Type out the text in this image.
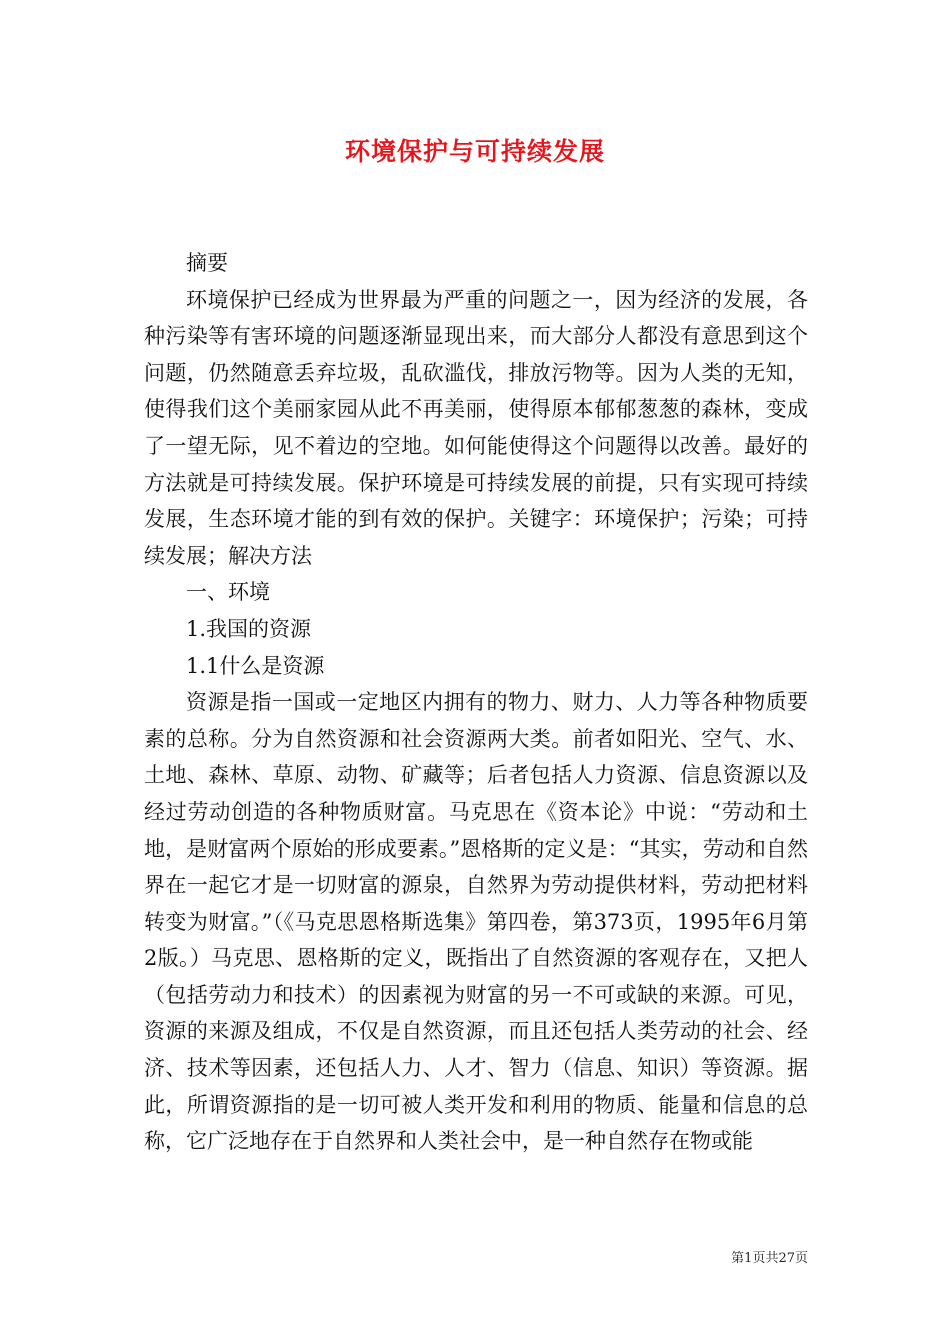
环境保护与可持续发展

摘要

环境保护已经成为世界最为严重的问题之一，因为经济的发展，各种污染等有害环境的问题逐渐显现出来，而大部分人都没有意思到这个问题，仍然随意丢弃垃圾，乱砍滥伐，排放污物等。因为人类的无知，使得我们这个美丽家园从此不再美丽，使得原本郁郁葱葱的森林，变成了一望无际，见不着边的空地。如何能使得这个问题得以改善。最好的方法就是可持续发展。保护环境是可持续发展的前提，只有实现可持续发展，生态环境才能的到有效的保护。关键字：环境保护；污染；可持续发展；解决方法

一、环境

1.我国的资源

1.1什么是资源

资源是指一国或一定地区内拥有的物力、财力、人力等各种物质要素的总称。分为自然资源和社会资源两大类。前者如阳光、空气、水、土地、森林、草原、动物、矿藏等；后者包括人力资源、信息资源以及经过劳动创造的各种物质财富。马克思在《资本论》中说：“劳动和土地，是财富两个原始的形成要素。”恩格斯的定义是：“其实，劳动和自然界在一起它才是一切财富的源泉，自然界为劳动提供材料，劳动把材料转变为财富。”（《马克思恩格斯选集》第四卷，第373页，1995年6月第2版。）马克思、恩格斯的定义，既指出了自然资源的客观存在，又把人（包括劳动力和技术）的因素视为财富的另一不可或缺的来源。可见，资源的来源及组成，不仅是自然资源，而且还包括人类劳动的社会、经济、技术等因素，还包括人力、人才、智力（信息、知识）等资源。据此，所谓资源指的是一切可被人类开发和利用的物质、能量和信息的总称，它广泛地存在于自然界和人类社会中，是一种自然存在物或能

第1页共27页
